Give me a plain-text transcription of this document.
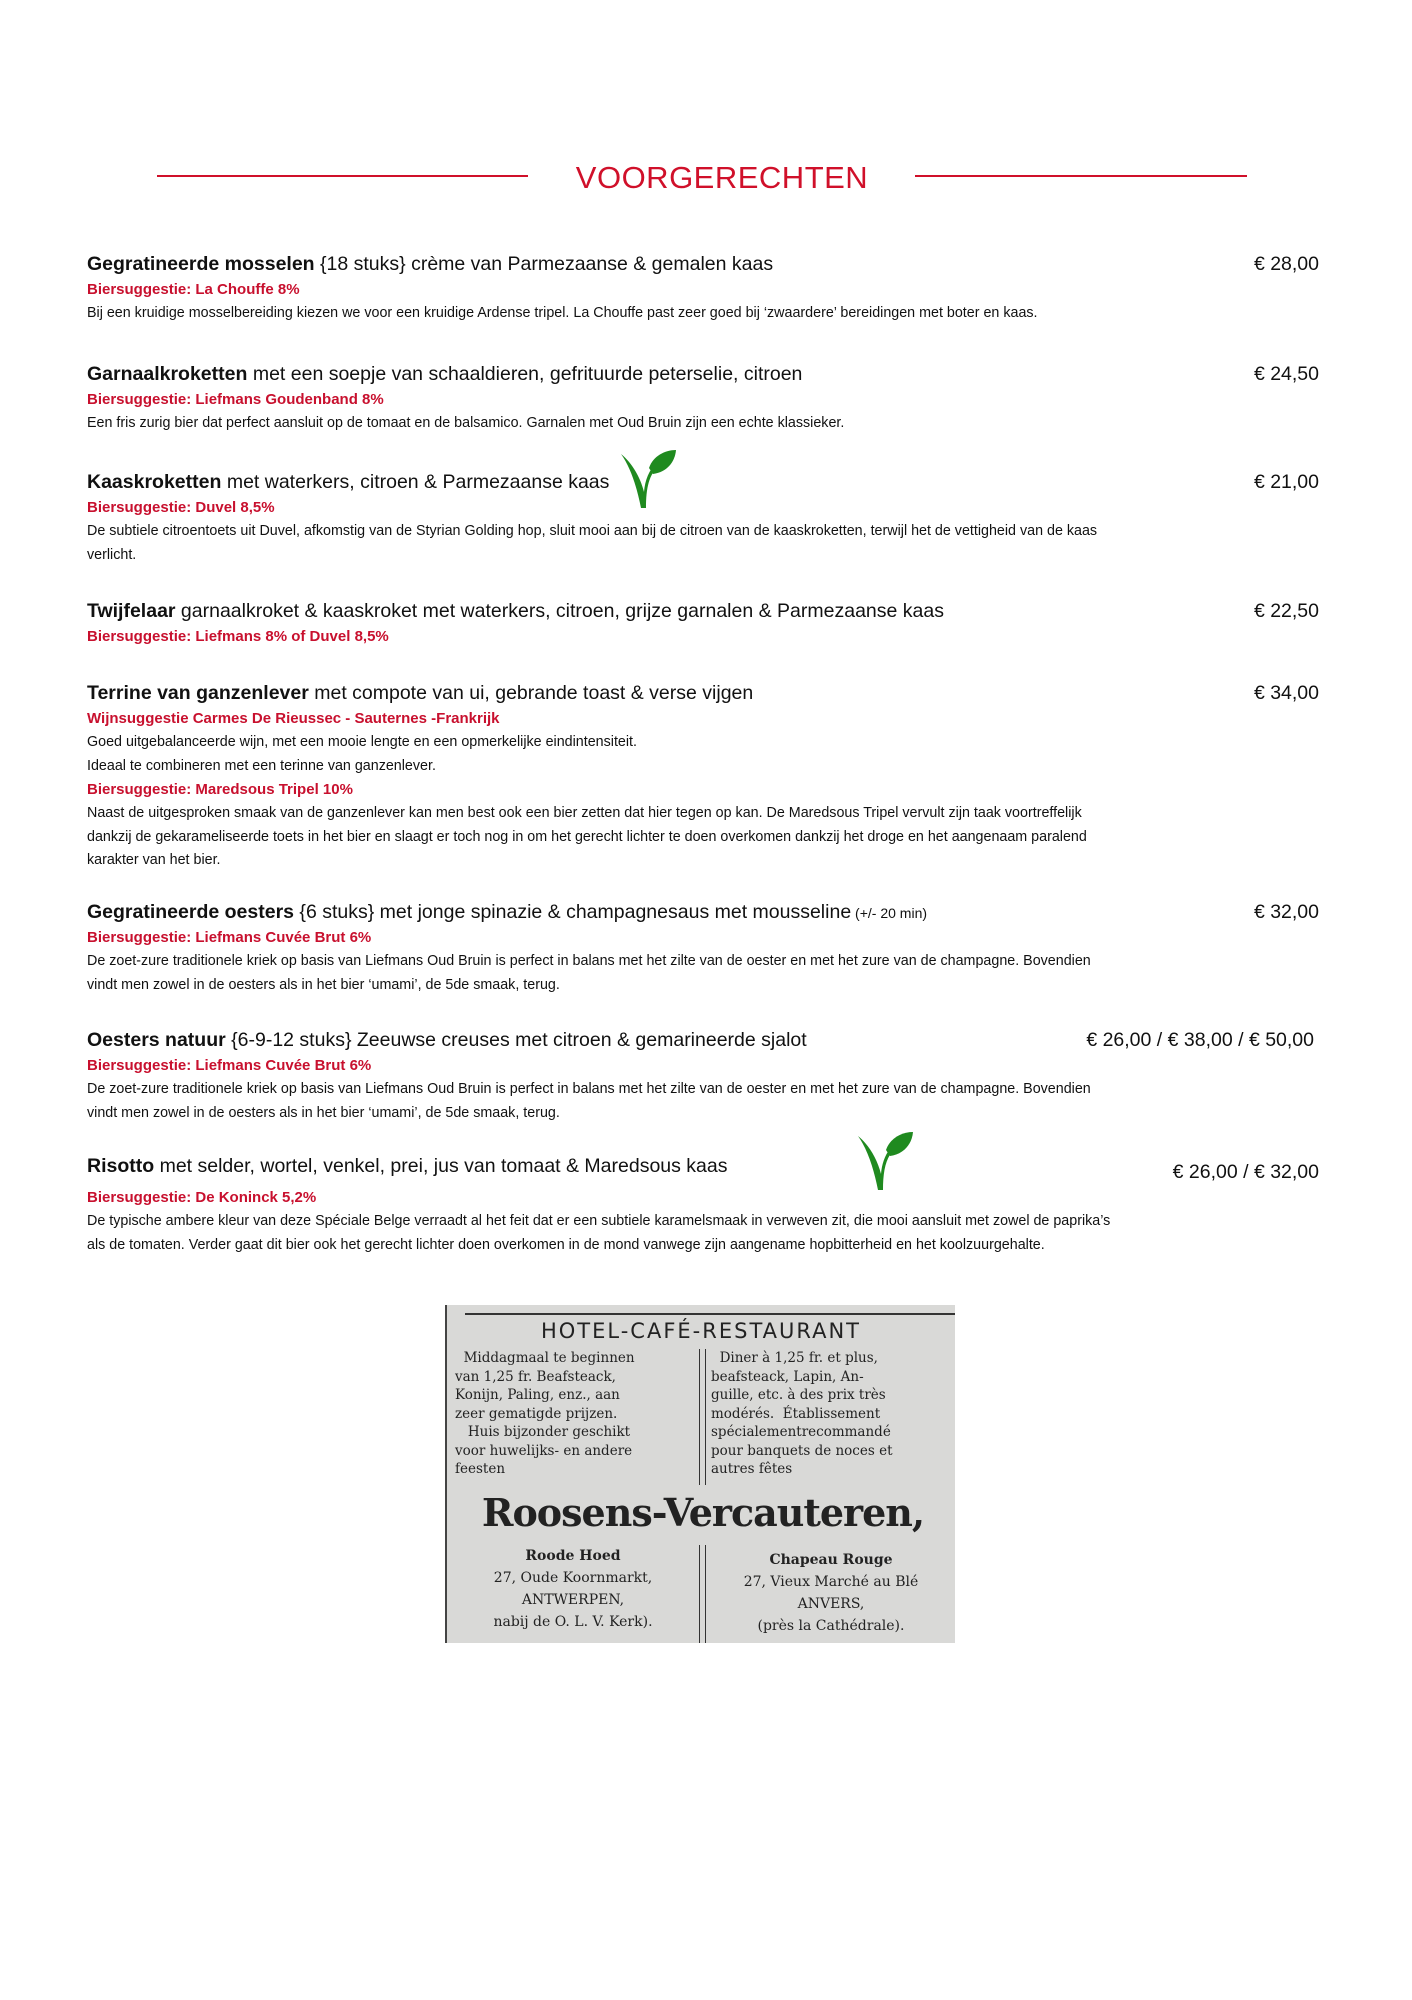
VOORGERECHTEN
Gegratineerde mosselen {18 stuks} crème van Parmezaanse & gemalen kaas	€ 28,00
Biersuggestie: La Chouffe 8%
Bij een kruidige mosselbereiding kiezen we voor een kruidige Ardense tripel. La Chouffe past zeer goed bij ‘zwaardere’ bereidingen met boter en kaas.
Garnaalkroketten met een soepje van schaaldieren, gefrituurde peterselie, citroen	€ 24,50
Biersuggestie: Liefmans Goudenband 8%
Een fris zurig bier dat perfect aansluit op de tomaat en de balsamico. Garnalen met Oud Bruin zijn een echte klassieker.
Kaaskroketten met waterkers, citroen & Parmezaanse kaas	€ 21,00
Biersuggestie: Duvel 8,5%
De subtiele citroentoets uit Duvel, afkomstig van de Styrian Golding hop, sluit mooi aan bij de citroen van de kaaskroketten, terwijl het de vettigheid van de kaas
verlicht.
Twijfelaar garnaalkroket & kaaskroket met waterkers, citroen, grijze garnalen & Parmezaanse kaas	€ 22,50
Biersuggestie: Liefmans 8% of Duvel 8,5%
Terrine van ganzenlever met compote van ui, gebrande toast & verse vijgen	€ 34,00
Wijnsuggestie Carmes De Rieussec - Sauternes -Frankrijk
Goed uitgebalanceerde wijn, met een mooie lengte en een opmerkelijke eindintensiteit.
Ideaal te combineren met een terinne van ganzenlever.
Biersuggestie: Maredsous Tripel 10%
Naast de uitgesproken smaak van de ganzenlever kan men best ook een bier zetten dat hier tegen op kan. De Maredsous Tripel vervult zijn taak voortreffelijk
dankzij de gekarameliseerde toets in het bier en slaagt er toch nog in om het gerecht lichter te doen overkomen dankzij het droge en het aangenaam paralend
karakter van het bier.
Gegratineerde oesters {6 stuks} met jonge spinazie & champagnesaus met mousseline (+/- 20 min)	€ 32,00
Biersuggestie: Liefmans Cuvée Brut 6%
De zoet-zure traditionele kriek op basis van Liefmans Oud Bruin is perfect in balans met het zilte van de oester en met het zure van de champagne. Bovendien
vindt men zowel in de oesters als in het bier ‘umami’, de 5de smaak, terug.
Oesters natuur {6-9-12 stuks} Zeeuwse creuses met citroen & gemarineerde sjalot	€ 26,00 / € 38,00 / € 50,00
Biersuggestie: Liefmans Cuvée Brut 6%
De zoet-zure traditionele kriek op basis van Liefmans Oud Bruin is perfect in balans met het zilte van de oester en met het zure van de champagne. Bovendien
vindt men zowel in de oesters als in het bier ‘umami’, de 5de smaak, terug.
Risotto met selder, wortel, venkel, prei, jus van tomaat & Maredsous kaas	€ 26,00 / € 32,00
Biersuggestie: De Koninck 5,2%
De typische ambere kleur van deze Spéciale Belge verraadt al het feit dat er een subtiele karamelsmaak in verweven zit, die mooi aansluit met zowel de paprika’s
als de tomaten. Verder gaat dit bier ook het gerecht lichter doen overkomen in de mond vanwege zijn aangename hopbitterheid en het koolzuurgehalte.
HOTEL-CAFÉ-RESTAURANT
Middagmaal te beginnen
van 1,25 fr. Beafsteack,
Konijn, Paling, enz., aan
zeer gematigde prijzen.
Huis bijzonder geschikt
voor huwelijks- en andere
feesten
Diner à 1,25 fr. et plus,
beafsteack, Lapin, An-
guille, etc. à des prix très
modérés.  Établissement
spécialementrecommandé
pour banquets de noces et
autres fêtes
Roosens-Vercauteren,
Roode Hoed
27, Oude Koornmarkt,
ANTWERPEN,
nabij de O. L. V. Kerk).
Chapeau Rouge
27, Vieux Marché au Blé
ANVERS,
(près la Cathédrale).
